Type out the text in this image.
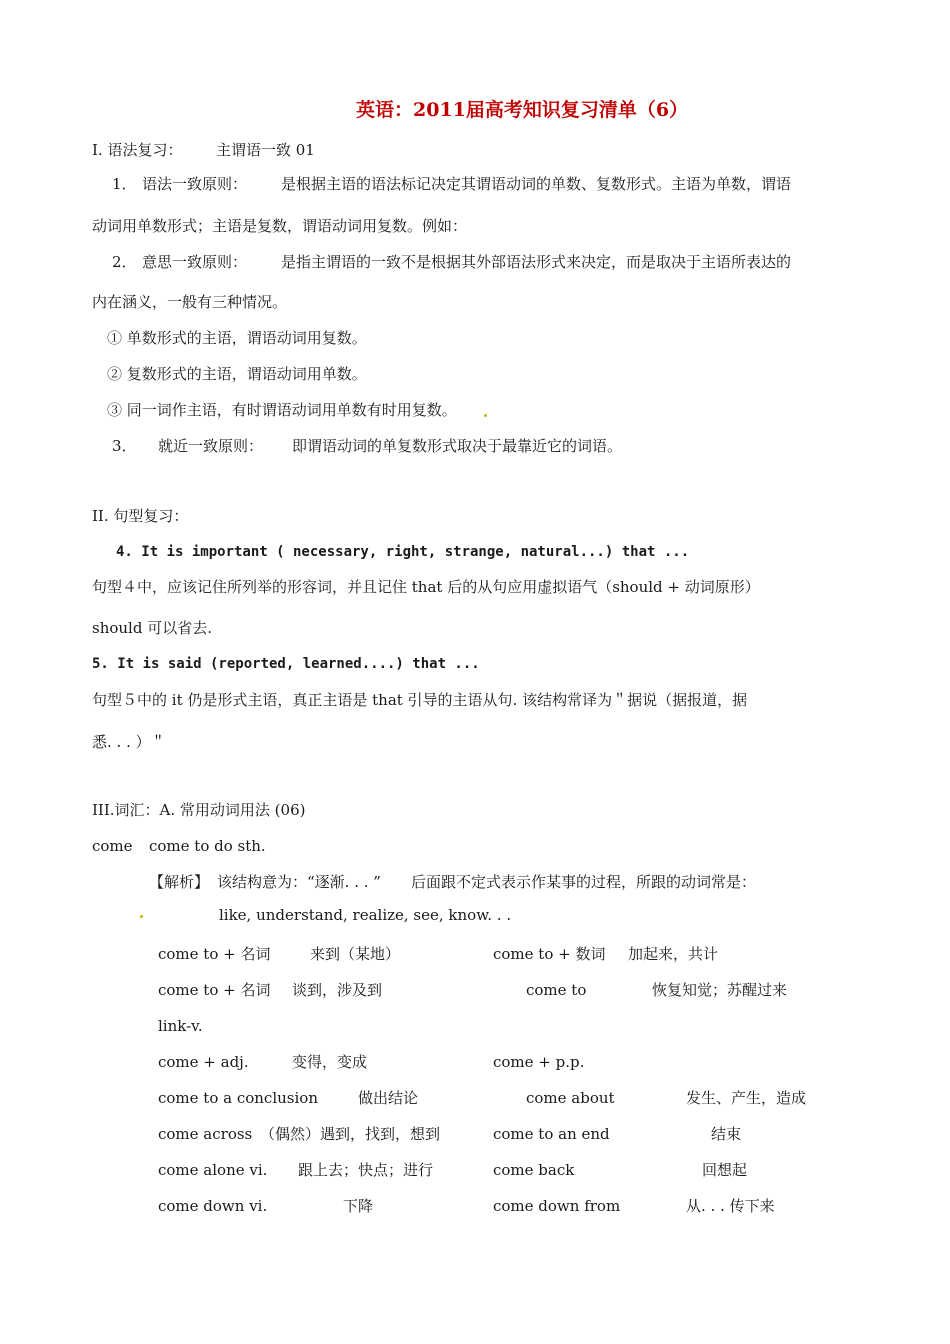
英语：2011届高考知识复习清单（6）
I. 语法复习： 主谓语一致 01
1． 语法一致原则： 是根据主语的语法标记决定其谓语动词的单数、复数形式。主语为单数，谓语
动词用单数形式；主语是复数，谓语动词用复数。例如：
2． 意思一致原则： 是指主谓语的一致不是根据其外部语法形式来决定，而是取决于主语所表达的
内在涵义，一般有三种情况。
① 单数形式的主语，谓语动词用复数。
② 复数形式的主语，谓语动词用单数。
③ 同一词作主语，有时谓语动词用单数有时用复数。
3． 就近一致原则： 即谓语动词的单复数形式取决于最靠近它的词语。
II. 句型复习：
4. It is important ( necessary, right, strange, natural...) that ...
句型４中，应该记住所列举的形容词，并且记住 that 后的从句应用虚拟语气（should + 动词原形）
should 可以省去.
5. It is said (reported, learned....) that ...
句型５中的 it 仍是形式主语，真正主语是 that 引导的主语从句. 该结构常译为＂据说（据报道，据
悉. . . ）＂
III.词汇：A. 常用动词用法 (06)
come come to do sth.
【解析】 该结构意为：“逐渐. . . ”　　后面跟不定式表示作某事的过程，所跟的动词常是：
like, understand, realize, see, know. . .
come to + 名词	来到（某地）	come to + 数词 加起来，共计
come to + 名词 谈到，涉及到	come to	恢复知觉；苏醒过来
link-v.
come + adj.	变得，变成	come + p.p.
come to a conclusion	做出结论	come about	发生、产生，造成
come across （偶然）遇到，找到，想到	come to an end	结束
come alone vi. 跟上去；快点；进行	come back	回想起
come down vi.	下降	come down from	从. . . 传下来
